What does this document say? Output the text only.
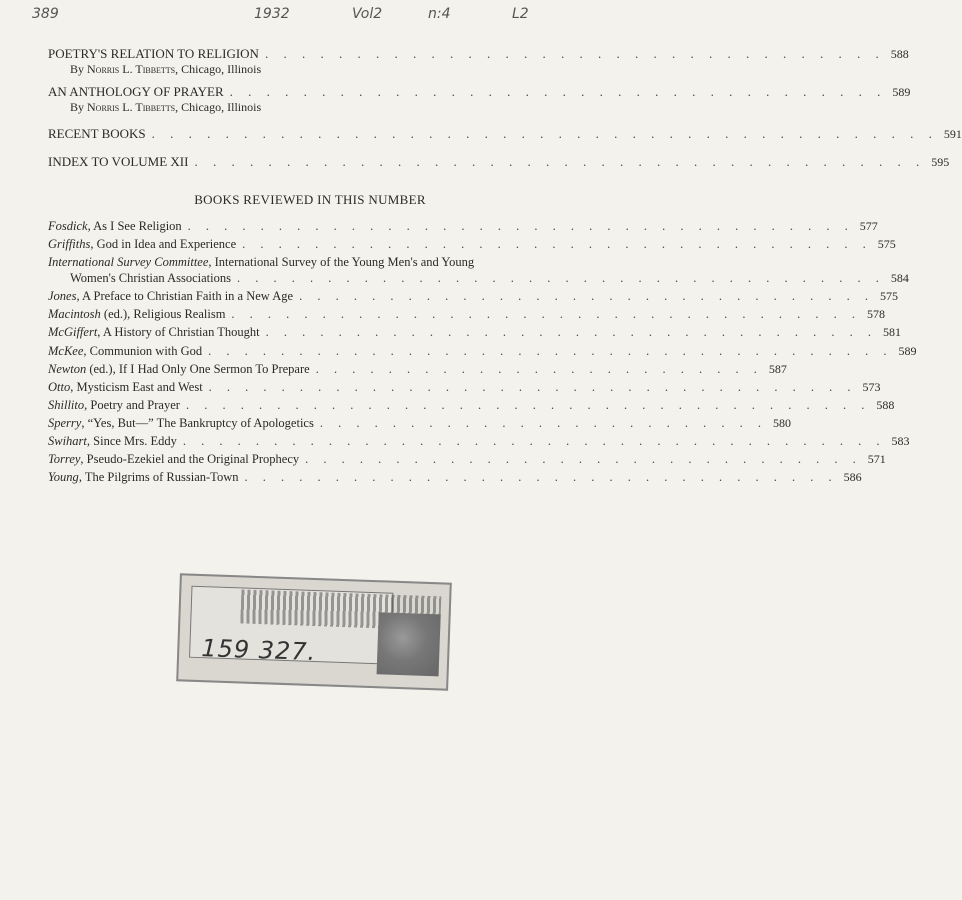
389	1932	Vol2	n:4	L2
POETRY'S RELATION TO RELIGION . . . . . . . . . . . . . . . . . . . . . . . . . . . . . . . . . . 588
By Norris L. Tibbetts, Chicago, Illinois
AN ANTHOLOGY OF PRAYER . . . . . . . . . . . . . . . . . . . . . . . . . . . . . . . . . . . . 589
By Norris L. Tibbetts, Chicago, Illinois
RECENT BOOKS . . . . . . . . . . . . . . . . . . . . . . . . . . . . . . . . . . . . . . . . . . . 591
INDEX TO VOLUME XII . . . . . . . . . . . . . . . . . . . . . . . . . . . . . . . . . . . . . . . . 595
BOOKS REVIEWED IN THIS NUMBER
Fosdick, As I See Religion . . . . . . . . . . . . . . . . . . . . . . . . . . . . . . . . . . . . . 577
Griffiths, God in Idea and Experience . . . . . . . . . . . . . . . . . . . . . . . . . . . . . . . . . . . 575
International Survey Committee, International Survey of the Young Men's and Young
Women's Christian Associations . . . . . . . . . . . . . . . . . . . . . . . . . . . . . . . . . . . . 584
Jones, A Preface to Christian Faith in a New Age . . . . . . . . . . . . . . . . . . . . . . . . . . . . . . . . 575
Macintosh (ed.), Religious Realism . . . . . . . . . . . . . . . . . . . . . . . . . . . . . . . . . . . 578
McGiffert, A History of Christian Thought . . . . . . . . . . . . . . . . . . . . . . . . . . . . . . . . . . 581
McKee, Communion with God . . . . . . . . . . . . . . . . . . . . . . . . . . . . . . . . . . . . . . 589
Newton (ed.), If I Had Only One Sermon To Prepare . . . . . . . . . . . . . . . . . . . . . . . . . 587
Otto, Mysticism East and West . . . . . . . . . . . . . . . . . . . . . . . . . . . . . . . . . . . . 573
Shillito, Poetry and Prayer . . . . . . . . . . . . . . . . . . . . . . . . . . . . . . . . . . . . . . 588
Sperry, “Yes, But—” The Bankruptcy of Apologetics . . . . . . . . . . . . . . . . . . . . . . . . . 580
Swihart, Since Mrs. Eddy . . . . . . . . . . . . . . . . . . . . . . . . . . . . . . . . . . . . . . . 583
Torrey, Pseudo-Ezekiel and the Original Prophecy . . . . . . . . . . . . . . . . . . . . . . . . . . . . . . . 571
Young, The Pilgrims of Russian-Town . . . . . . . . . . . . . . . . . . . . . . . . . . . . . . . . . 586
159 327.
